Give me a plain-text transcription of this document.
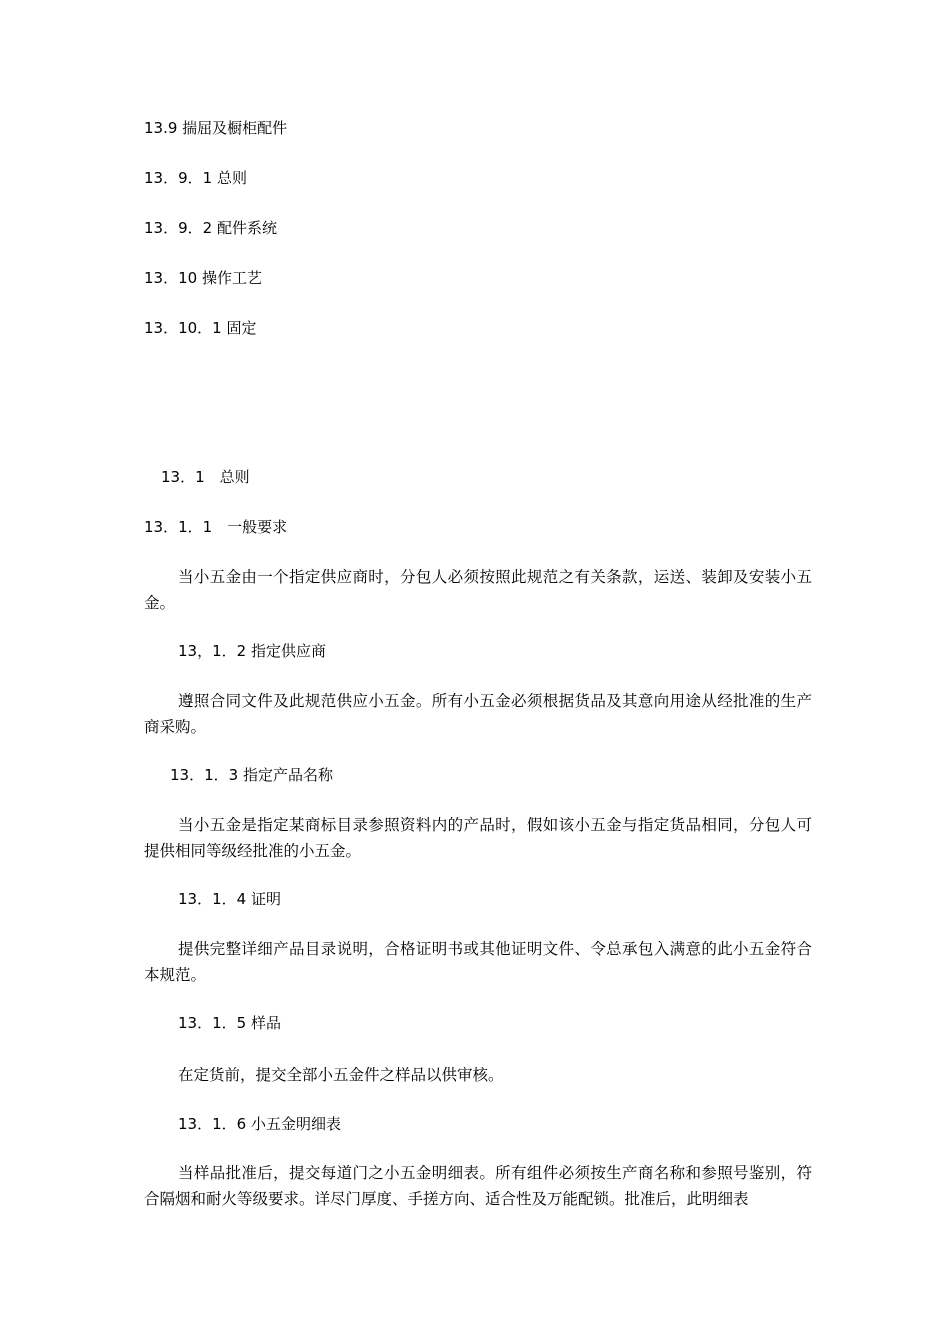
13.9 揣屈及橱柜配件
13．9．1 总则
13．9．2 配件系统
13．10 操作工艺
13．10．1 固定
13．1　总则
13．1．1　一般要求
当小五金由一个指定供应商时，分包人必须按照此规范之有关条款，运送、装卸及安装小五金。
13，1．2 指定供应商
遵照合同文件及此规范供应小五金。所有小五金必须根据货品及其意向用途从经批准的生产商采购。
13．1．3 指定产品名称
当小五金是指定某商标目录参照资料内的产品时，假如该小五金与指定货品相同，分包人可提供相同等级经批准的小五金。
13．1．4 证明
提供完整详细产品目录说明，合格证明书或其他证明文件、令总承包入满意的此小五金符合本规范。
13．1．5 样品
在定货前，提交全部小五金件之样品以供审核。
13．1．6 小五金明细表
当样品批准后，提交每道门之小五金明细表。所有组件必须按生产商名称和参照号鉴别，符合隔烟和耐火等级要求。详尽门厚度、手搓方向、适合性及万能配锁。批准后，此明细表
